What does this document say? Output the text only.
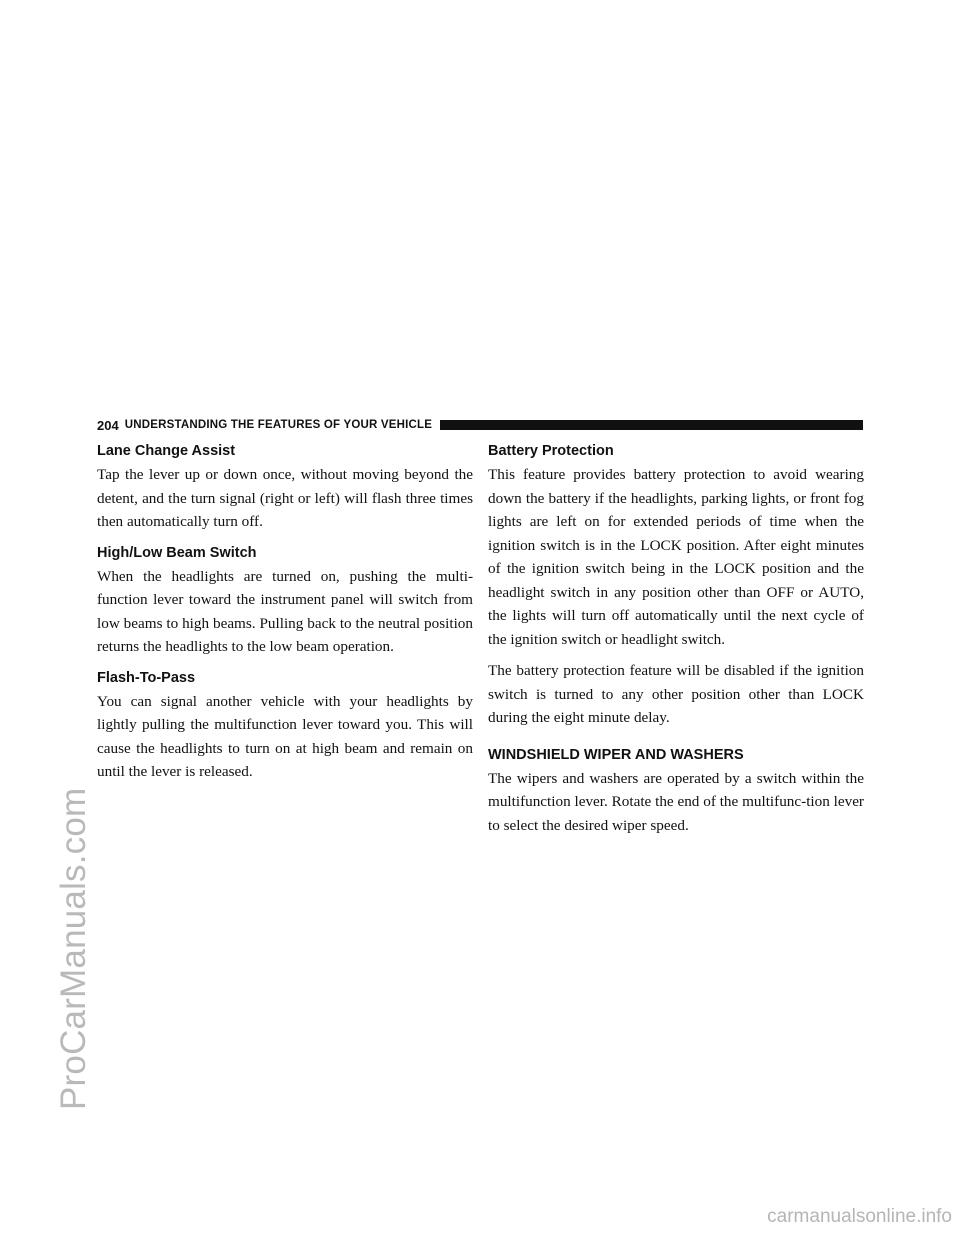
ProCarManuals.com
204 UNDERSTANDING THE FEATURES OF YOUR VEHICLE
Lane Change Assist

Tap the lever up or down once, without moving beyond the detent, and the turn signal (right or left) will flash three times then automatically turn off.

High/Low Beam Switch

When the headlights are turned on, pushing the multi-function lever toward the instrument panel will switch from low beams to high beams. Pulling back to the neutral position returns the headlights to the low beam operation.

Flash-To-Pass

You can signal another vehicle with your headlights by lightly pulling the multifunction lever toward you. This will cause the headlights to turn on at high beam and remain on until the lever is released.

Battery Protection

This feature provides battery protection to avoid wearing down the battery if the headlights, parking lights, or front fog lights are left on for extended periods of time when the ignition switch is in the LOCK position. After eight minutes of the ignition switch being in the LOCK position and the headlight switch in any position other than OFF or AUTO, the lights will turn off automatically until the next cycle of the ignition switch or headlight switch.

The battery protection feature will be disabled if the ignition switch is turned to any other position other than LOCK during the eight minute delay.

WINDSHIELD WIPER AND WASHERS

The wipers and washers are operated by a switch within the multifunction lever. Rotate the end of the multifunc-tion lever to select the desired wiper speed.

carmanualsonline.info
